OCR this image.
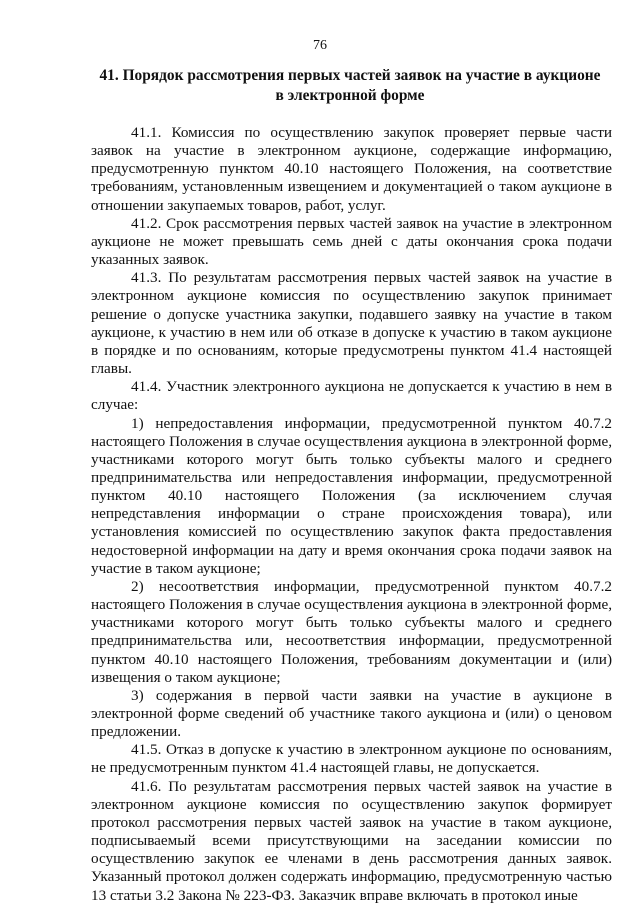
76
41. Порядок рассмотрения первых частей заявок на участие в аукционе
в электронной форме

41.1. Комиссия по осуществлению закупок проверяет первые части заявок на участие в электронном аукционе, содержащие информацию, предусмотренную пунктом 40.10 настоящего Положения, на соответствие требованиям, установленным извещением и документацией о таком аукционе в отношении закупаемых товаров, работ, услуг.

41.2. Срок рассмотрения первых частей заявок на участие в электронном аукционе не может превышать семь дней с даты окончания срока подачи указанных заявок.

41.3. По результатам рассмотрения первых частей заявок на участие в электронном аукционе комиссия по осуществлению закупок принимает решение о допуске участника закупки, подавшего заявку на участие в таком аукционе, к участию в нем или об отказе в допуске к участию в таком аукционе в порядке и по основаниям, которые предусмотрены пунктом 41.4 настоящей главы.

41.4. Участник электронного аукциона не допускается к участию в нем в случае:

1) непредоставления информации, предусмотренной пунктом 40.7.2 настоящего Положения в случае осуществления аукциона в электронной форме, участниками которого могут быть только субъекты малого и среднего предпринимательства или непредоставления информации, предусмотренной пунктом 40.10 настоящего Положения (за исключением случая непредставления информации о стране происхождения товара), или установления комиссией по осуществлению закупок факта предоставления недостоверной информации на дату и время окончания срока подачи заявок на участие в таком аукционе;

2) несоответствия информации, предусмотренной пунктом 40.7.2 настоящего Положения в случае осуществления аукциона в электронной форме, участниками которого могут быть только субъекты малого и среднего предпринимательства или, несоответствия информации, предусмотренной пунктом 40.10 настоящего Положения, требованиям документации и (или) извещения о таком аукционе;

3) содержания в первой части заявки на участие в аукционе в электронной форме сведений об участнике такого аукциона и (или) о ценовом предложении.

41.5. Отказ в допуске к участию в электронном аукционе по основаниям, не предусмотренным пунктом 41.4 настоящей главы, не допускается.

41.6. По результатам рассмотрения первых частей заявок на участие в электронном аукционе комиссия по осуществлению закупок формирует протокол рассмотрения первых частей заявок на участие в таком аукционе, подписываемый всеми присутствующими на заседании комиссии по осуществлению закупок ее членами в день рассмотрения данных заявок. Указанный протокол должен содержать информацию, предусмотренную частью 13 статьи 3.2 Закона № 223-ФЗ. Заказчик вправе включать в протокол иные
